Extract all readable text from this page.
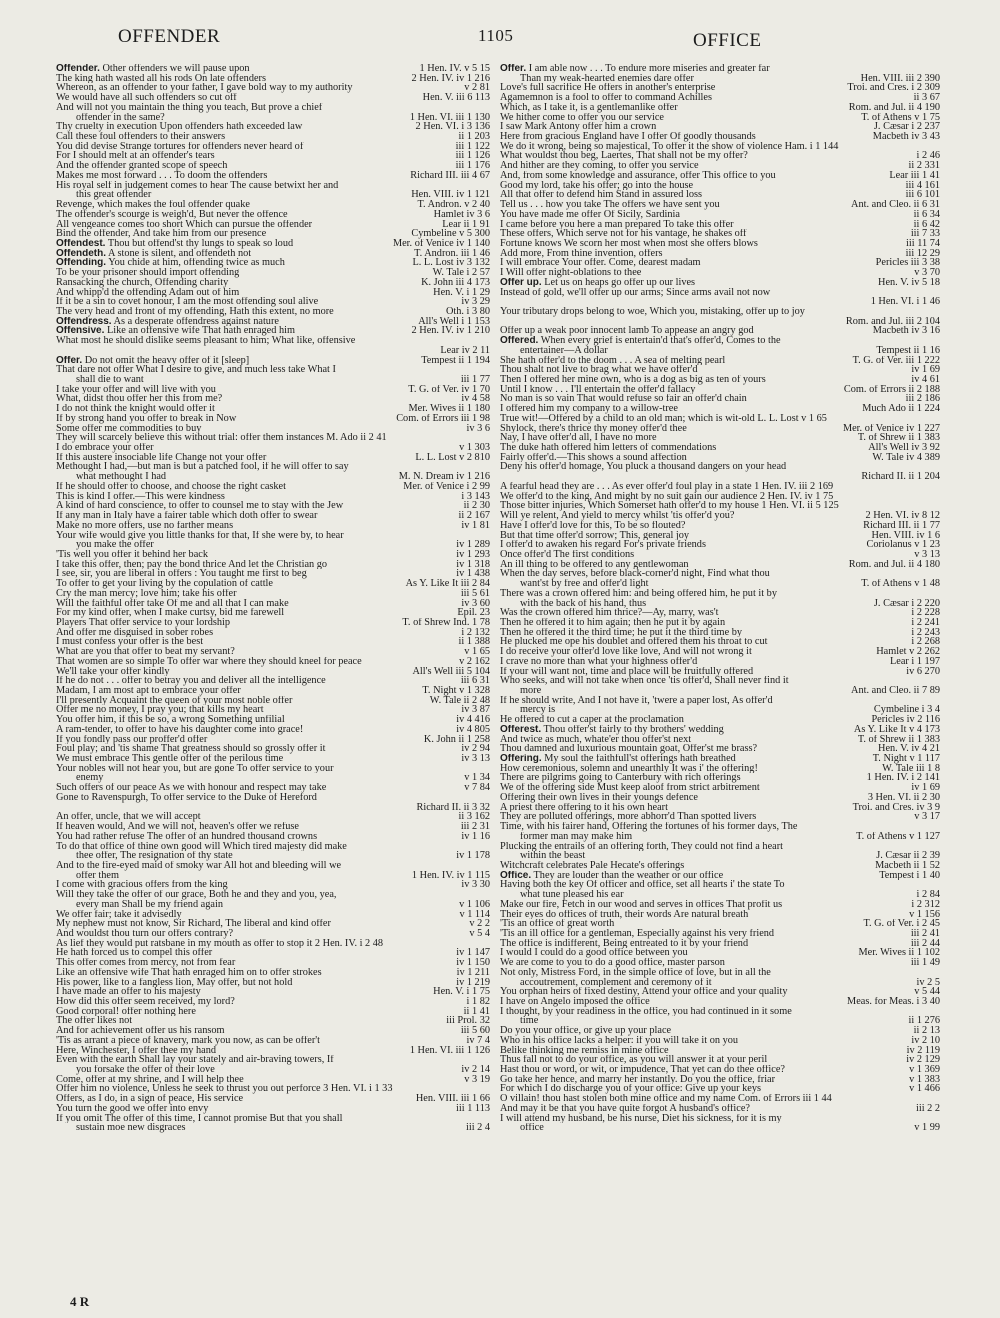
OFFENDER	1105	OFFICE
Offender. Other offenders we will pause upon	1 Hen. IV. v 5 15
The king hath wasted all his rods On late offenders	2 Hen. IV. iv 1 216
Whereon, as an offender to your father, I gave bold way to my authority	v 2 81
We would have all such offenders so cut off	Hen. V. iii 6 113
And will not you maintain the thing you teach, But prove a chief
offender in the same?	1 Hen. VI. iii 1 130
Thy cruelty in execution Upon offenders hath exceeded law	2 Hen. VI. i 3 136
Call these foul offenders to their answers	ii 1 203
You did devise Strange tortures for offenders never heard of	iii 1 122
For I should melt at an offender's tears	iii 1 126
And the offender granted scope of speech	iii 1 176
Makes me most forward . . . To doom the offenders	Richard III. iii 4 67
His royal self in judgement comes to hear The cause betwixt her and
this great offender	Hen. VIII. iv 1 121
Revenge, which makes the foul offender quake	T. Andron. v 2 40
The offender's scourge is weigh'd, But never the offence	Hamlet iv 3 6
All vengeance comes too short Which can pursue the offender	Lear ii 1 91
Bind the offender, And take him from our presence	Cymbeline v 5 300
Offendest. Thou but offend'st thy lungs to speak so loud	Mer. of Venice iv 1 140
Offendeth. A stone is silent, and offendeth not	T. Andron. iii 1 46
Offending. You chide at him, offending twice as much	L. L. Lost iv 3 132
To be your prisoner should import offending	W. Tale i 2 57
Ransacking the church, Offending charity	K. John iii 4 173
And whipp'd the offending Adam out of him	Hen. V. i 1 29
If it be a sin to covet honour, I am the most offending soul alive	iv 3 29
The very head and front of my offending, Hath this extent, no more	Oth. i 3 80
Offendress. As a desperate offendress against nature	All's Well i 1 153
Offensive. Like an offensive wife That hath enraged him	2 Hen. IV. iv 1 210
What most he should dislike seems pleasant to him; What like, offensive
Lear iv 2 11
Offer. Do not omit the heavy offer of it [sleep]	Tempest ii 1 194
That dare not offer What I desire to give, and much less take What I
shall die to want	iii 1 77
I take your offer and will live with you	T. G. of Ver. iv 1 70
What, didst thou offer her this from me?	iv 4 58
I do not think the knight would offer it	Mer. Wives ii 1 180
If by strong hand you offer to break in Now	Com. of Errors iii 1 98
Some offer me commodities to buy	iv 3 6
They will scarcely believe this without trial: offer them instances M. Ado ii 2 41
I do embrace your offer	v 1 303
If this austere insociable life Change not your offer	L. L. Lost v 2 810
Methought I had,—but man is but a patched fool, if he will offer to say
what methought I had	M. N. Dream iv 1 216
If he should offer to choose, and choose the right casket	Mer. of Venice i 2 99
This is kind I offer.—This were kindness	i 3 143
A kind of hard conscience, to offer to counsel me to stay with the Jew	ii 2 30
If any man in Italy have a fairer table which doth offer to swear	ii 2 167
Make no more offers, use no farther means	iv 1 81
Your wife would give you little thanks for that, If she were by, to hear
you make the offer	iv 1 289
'Tis well you offer it behind her back	iv 1 293
I take this offer, then; pay the bond thrice And let the Christian go	iv 1 318
I see, sir, you are liberal in offers : You taught me first to beg	iv 1 438
To offer to get your living by the copulation of cattle	As Y. Like It iii 2 84
Cry the man mercy; love him; take his offer	iii 5 61
Will the faithful offer take Of me and all that I can make	iv 3 60
For my kind offer, when I make curtsy, bid me farewell	Epil. 23
Players That offer service to your lordship	T. of Shrew Ind. 1 78
And offer me disguised in sober robes	i 2 132
I must confess your offer is the best	ii 1 388
What are you that offer to beat my servant?	v 1 65
That women are so simple To offer war where they should kneel for peace	v 2 162
We'll take your offer kindly	All's Well iii 5 104
If he do not . . . offer to betray you and deliver all the intelligence	iii 6 31
Madam, I am most apt to embrace your offer	T. Night v 1 328
I'll presently Acquaint the queen of your most noble offer	W. Tale ii 2 48
Offer me no money, I pray you; that kills my heart	iv 3 87
You offer him, if this be so, a wrong Something unfilial	iv 4 416
A ram-tender, to offer to have his daughter come into grace!	iv 4 805
If you fondly pass our proffer'd offer	K. John ii 1 258
Foul play; and 'tis shame That greatness should so grossly offer it	iv 2 94
We must embrace This gentle offer of the perilous time	iv 3 13
Your nobles will not hear you, but are gone To offer service to your
enemy	v 1 34
Such offers of our peace As we with honour and respect may take	v 7 84
Gone to Ravenspurgh, To offer service to the Duke of Hereford
Richard II. ii 3 32
An offer, uncle, that we will accept	ii 3 162
If heaven would, And we will not, heaven's offer we refuse	iii 2 31
You had rather refuse The offer of an hundred thousand crowns	iv 1 16
To do that office of thine own good will Which tired majesty did make
thee offer, The resignation of thy state	iv 1 178
And to the fire-eyed maid of smoky war All hot and bleeding will we
offer them	1 Hen. IV. iv 1 115
I come with gracious offers from the king	iv 3 30
Will they take the offer of our grace, Both he and they and you, yea,
every man Shall be my friend again	v 1 106
We offer fair; take it advisedly	v 1 114
My nephew must not know, Sir Richard, The liberal and kind offer	v 2 2
And wouldst thou turn our offers contrary?	v 5 4
As lief they would put ratsbane in my mouth as offer to stop it 2 Hen. IV. i 2 48
He hath forced us to compel this offer	iv 1 147
This offer comes from mercy, not from fear	iv 1 150
Like an offensive wife That hath enraged him on to offer strokes	iv 1 211
His power, like to a fangless lion, May offer, but not hold	iv 1 219
I have made an offer to his majesty	Hen. V. i 1 75
How did this offer seem received, my lord?	i 1 82
Good corporal! offer nothing here	ii 1 41
The offer likes not	iii Prol. 32
And for achievement offer us his ransom	iii 5 60
'Tis as arrant a piece of knavery, mark you now, as can be offer't	iv 7 4
Here, Winchester, I offer thee my hand	1 Hen. VI. iii 1 126
Even with the earth Shall lay your stately and air-braving towers, If
you forsake the offer of their love	iv 2 14
Come, offer at my shrine, and I will help thee	v 3 19
Offer him no violence, Unless he seek to thrust you out perforce 3 Hen. VI. i 1 33
Offers, as I do, in a sign of peace, His service	Hen. VIII. iii 1 66
You turn the good we offer into envy	iii 1 113
If you omit The offer of this time, I cannot promise But that you shall
sustain moe new disgraces	iii 2 4
Offer. I am able now . . . To endure more miseries and greater far
Than my weak-hearted enemies dare offer	Hen. VIII. iii 2 390
Love's full sacrifice He offers in another's enterprise	Troi. and Cres. i 2 309
Agamemnon is a fool to offer to command Achilles	ii 3 67
Which, as I take it, is a gentlemanlike offer	Rom. and Jul. ii 4 190
We hither come to offer you our service	T. of Athens v 1 75
I saw Mark Antony offer him a crown	J. Cæsar i 2 237
Here from gracious England have I offer Of goodly thousands	Macbeth iv 3 43
We do it wrong, being so majestical, To offer it the show of violence Ham. i 1 144
What wouldst thou beg, Laertes, That shall not be my offer?	i 2 46
And hither are they coming, to offer you service	ii 2 331
And, from some knowledge and assurance, offer This office to you	Lear iii 1 41
Good my lord, take his offer; go into the house	iii 4 161
All that offer to defend him Stand in assured loss	iii 6 101
Tell us . . . how you take The offers we have sent you	Ant. and Cleo. ii 6 31
You have made me offer Of Sicily, Sardinia	ii 6 34
I came before you here a man prepared To take this offer	ii 6 42
These offers, Which serve not for his vantage, he shakes off	iii 7 33
Fortune knows We scorn her most when most she offers blows	iii 11 74
Add more, From thine invention, offers	iii 12 29
I will embrace Your offer. Come, dearest madam	Pericles iii 3 38
I Will offer night-oblations to thee	v 3 70
Offer up. Let us on heaps go offer up our lives	Hen. V. iv 5 18
Instead of gold, we'll offer up our arms; Since arms avail not now
1 Hen. VI. i 1 46
Your tributary drops belong to woe, Which you, mistaking, offer up to joy
Rom. and Jul. iii 2 104
Offer up a weak poor innocent lamb To appease an angry god	Macbeth iv 3 16
Offered. When every grief is entertain'd that's offer'd, Comes to the
entertainer—A dollar	Tempest ii 1 16
She hath offer'd to the doom . . . A sea of melting pearl	T. G. of Ver. iii 1 222
Thou shalt not live to brag what we have offer'd	iv 1 69
Then I offered her mine own, who is a dog as big as ten of yours	iv 4 61
Until I know . . . I'll entertain the offer'd fallacy	Com. of Errors ii 2 188
No man is so vain That would refuse so fair an offer'd chain	iii 2 186
I offered him my company to a willow-tree	Much Ado ii 1 224
True wit!—Offered by a child to an old man; which is wit-old L. L. Lost v 1 65
Shylock, there's thrice thy money offer'd thee	Mer. of Venice iv 1 227
Nay, I have offer'd all, I have no more	T. of Shrew ii 1 383
The duke hath offered him letters of commendations	All's Well iv 3 92
Fairly offer'd.—This shows a sound affection	W. Tale iv 4 389
Deny his offer'd homage, You pluck a thousand dangers on your head
Richard II. ii 1 204
A fearful head they are . . . As ever offer'd foul play in a state 1 Hen. IV. iii 2 169
We offer'd to the king, And might by no suit gain our audience 2 Hen. IV. iv 1 75
Those bitter injuries, Which Somerset hath offer'd to my house 1 Hen. VI. ii 5 125
Will ye relent, And yield to mercy whilst 'tis offer'd you?	2 Hen. VI. iv 8 12
Have I offer'd love for this, To be so flouted?	Richard III. ii 1 77
But that time offer'd sorrow; This, general joy	Hen. VIII. iv 1 6
I offer'd to awaken his regard For's private friends	Coriolanus v 1 23
Once offer'd The first conditions	v 3 13
An ill thing to be offered to any gentlewoman	Rom. and Jul. ii 4 180
When the day serves, before black-corner'd night, Find what thou
want'st by free and offer'd light	T. of Athens v 1 48
There was a crown offered him: and being offered him, he put it by
with the back of his hand, thus	J. Cæsar i 2 220
Was the crown offered him thrice?—Ay, marry, was't	i 2 228
Then he offered it to him again; then he put it by again	i 2 241
Then he offered it the third time; he put it the third time by	i 2 243
He plucked me ope his doublet and offered them his throat to cut	i 2 268
I do receive your offer'd love like love, And will not wrong it	Hamlet v 2 262
I crave no more than what your highness offer'd	Lear i 1 197
If your will want not, time and place will be fruitfully offered	iv 6 270
Who seeks, and will not take when once 'tis offer'd, Shall never find it
more	Ant. and Cleo. ii 7 89
If he should write, And I not have it, 'twere a paper lost, As offer'd
mercy is	Cymbeline i 3 4
He offered to cut a caper at the proclamation	Pericles iv 2 116
Offerest. Thou offer'st fairly to thy brothers' wedding	As Y. Like It v 4 173
And twice as much, whate'er thou offer'st next	T. of Shrew ii 1 383
Thou damned and luxurious mountain goat, Offer'st me brass?	Hen. V. iv 4 21
Offering. My soul the faithfull'st offerings hath breathed	T. Night v 1 117
How ceremonious, solemn and unearthly It was i' the offering!	W. Tale iii 1 8
There are pilgrims going to Canterbury with rich offerings	1 Hen. IV. i 2 141
We of the offering side Must keep aloof from strict arbitrement	iv 1 69
Offering their own lives in their youngs defence	3 Hen. VI. ii 2 30
A priest there offering to it his own heart	Troi. and Cres. iv 3 9
They are polluted offerings, more abhorr'd Than spotted livers	v 3 17
Time, with his fairer hand, Offering the fortunes of his former days, The
former man may make him	T. of Athens v 1 127
Plucking the entrails of an offering forth, They could not find a heart
within the beast	J. Cæsar ii 2 39
Witchcraft celebrates Pale Hecate's offerings	Macbeth ii 1 52
Office. They are louder than the weather or our office	Tempest i 1 40
Having both the key Of officer and office, set all hearts i' the state To
what tune pleased his ear	i 2 84
Make our fire, Fetch in our wood and serves in offices That profit us	i 2 312
Their eyes do offices of truth, their words Are natural breath	v 1 156
'Tis an office of great worth	T. G. of Ver. i 2 45
'Tis an ill office for a gentleman, Especially against his very friend	iii 2 41
The office is indifferent, Being entreated to it by your friend	iii 2 44
I would I could do a good office between you	Mer. Wives ii 1 102
We are come to you to do a good office, master parson	iii 1 49
Not only, Mistress Ford, in the simple office of love, but in all the
accoutrement, complement and ceremony of it	iv 2 5
You orphan heirs of fixed destiny, Attend your office and your quality	v 5 44
I have on Angelo imposed the office	Meas. for Meas. i 3 40
I thought, by your readiness in the office, you had continued in it some
time	ii 1 276
Do you your office, or give up your place	ii 2 13
Who in his office lacks a helper: if you will take it on you	iv 2 10
Belike thinking me remiss in mine office	iv 2 119
Thus fall not to do your office, as you will answer it at your peril	iv 2 129
Hast thou or word, or wit, or impudence, That yet can do thee office?	v 1 369
Go take her hence, and marry her instantly. Do you the office, friar	v 1 383
For which I do discharge you of your office: Give up your keys	v 1 466
O villain! thou hast stolen both mine office and my name Com. of Errors iii 1 44
And may it be that you have quite forgot A husband's office?	iii 2 2
I will attend my husband, be his nurse, Diet his sickness, for it is my
office	v 1 99
4 R
